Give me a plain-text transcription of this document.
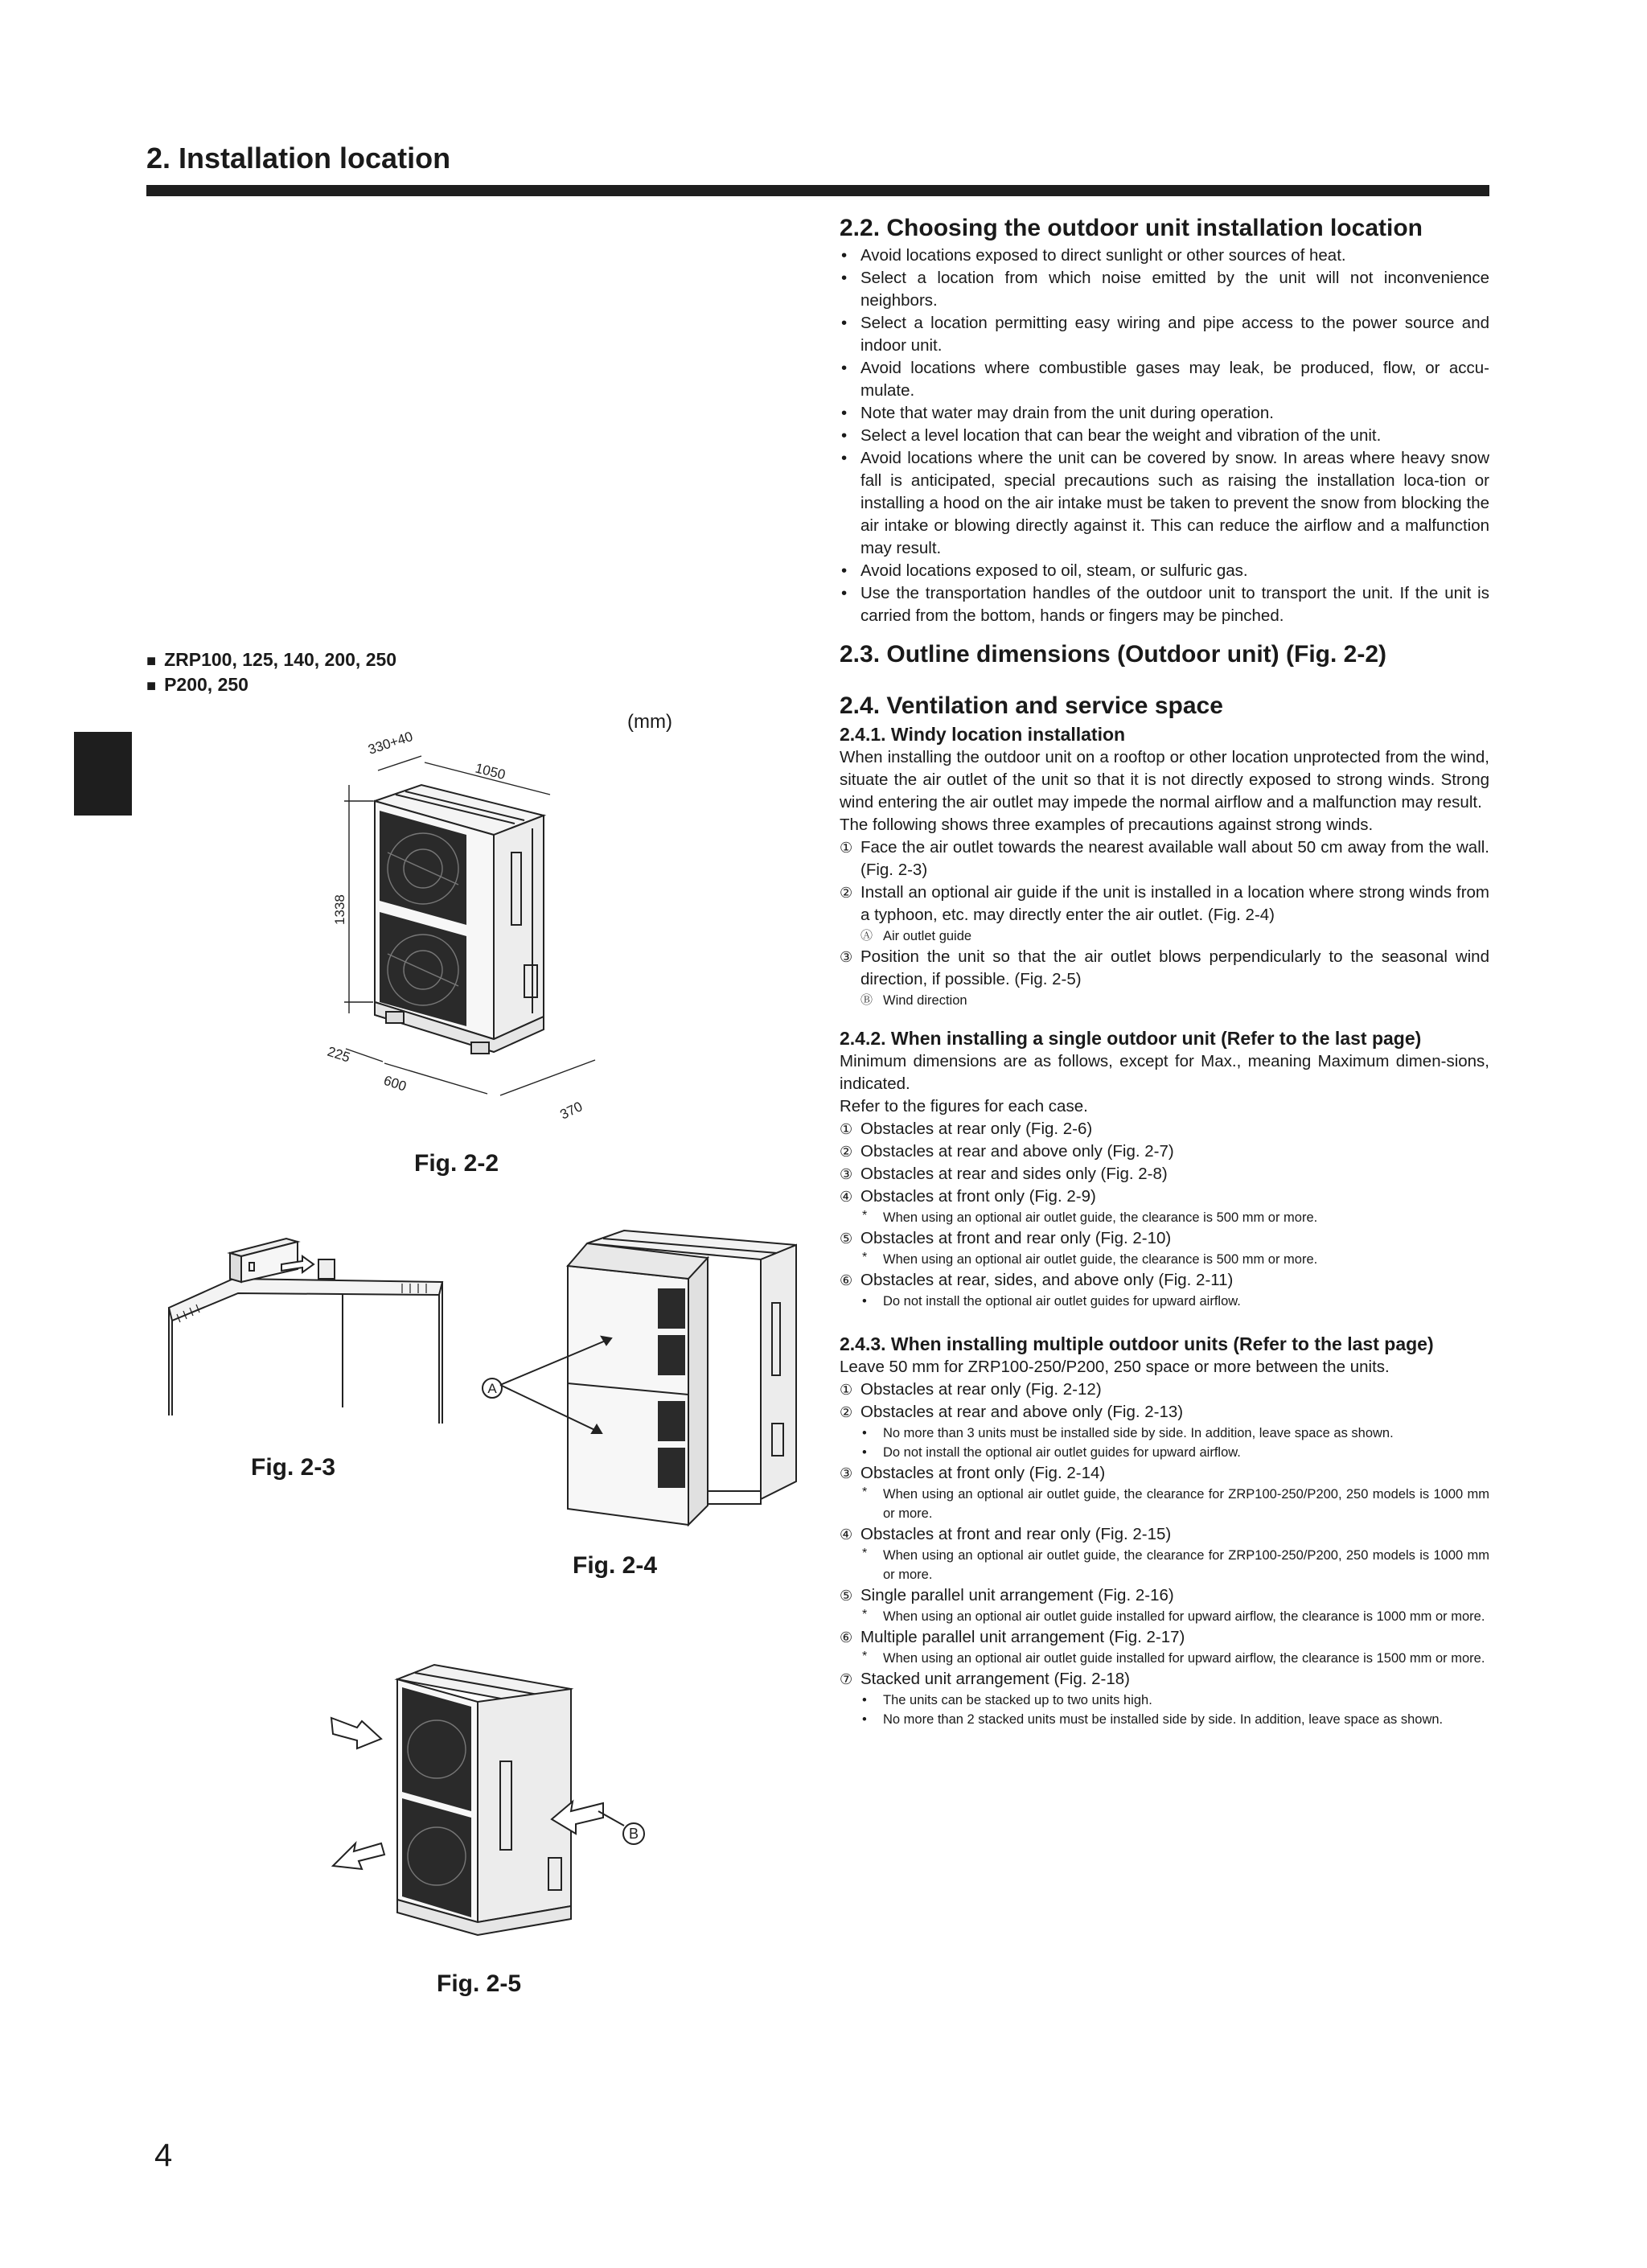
2. Installation location
■ ZRP100, 125, 140, 200, 250
■ P200, 250
(mm)
330+40
1050
1338
225
600
370
Fig. 2-2
Fig. 2-3
A
Fig. 2-4
B
Fig. 2-5
2.2. Choosing the outdoor unit installation location
• Avoid locations exposed to direct sunlight or other sources of heat.
• Select a location from which noise emitted by the unit will not inconvenience neighbors.
• Select a location permitting easy wiring and pipe access to the power source and indoor unit.
• Avoid locations where combustible gases may leak, be produced, flow, or accu-mulate.
• Note that water may drain from the unit during operation.
• Select a level location that can bear the weight and vibration of the unit.
• Avoid locations where the unit can be covered by snow. In areas where heavy snow fall is anticipated, special precautions such as raising the installation loca-tion or installing a hood on the air intake must be taken to prevent the snow from blocking the air intake or blowing directly against it. This can reduce the airflow and a malfunction may result.
• Avoid locations exposed to oil, steam, or sulfuric gas.
• Use the transportation handles of the outdoor unit to transport the unit. If the unit is carried from the bottom, hands or fingers may be pinched.
2.3. Outline dimensions (Outdoor unit) (Fig. 2-2)
2.4. Ventilation and service space
2.4.1. Windy location installation

When installing the outdoor unit on a rooftop or other location unprotected from the wind, situate the air outlet of the unit so that it is not directly exposed to strong winds. Strong wind entering the air outlet may impede the normal airflow and a malfunction may result.

The following shows three examples of precautions against strong winds.

① Face the air outlet towards the nearest available wall about 50 cm away from the wall. (Fig. 2-3)
② Install an optional air guide if the unit is installed in a location where strong winds from a typhoon, etc. may directly enter the air outlet. (Fig. 2-4)
Ⓐ Air outlet guide
③ Position the unit so that the air outlet blows perpendicularly to the seasonal wind direction, if possible. (Fig. 2-5)
Ⓑ Wind direction
2.4.2. When installing a single outdoor unit (Refer to the last page)

Minimum dimensions are as follows, except for Max., meaning Maximum dimen-sions, indicated.

Refer to the figures for each case.

① Obstacles at rear only (Fig. 2-6)
② Obstacles at rear and above only (Fig. 2-7)
③ Obstacles at rear and sides only (Fig. 2-8)
④ Obstacles at front only (Fig. 2-9)
* When using an optional air outlet guide, the clearance is 500 mm or more.
⑤ Obstacles at front and rear only (Fig. 2-10)
* When using an optional air outlet guide, the clearance is 500 mm or more.
⑥ Obstacles at rear, sides, and above only (Fig. 2-11)
• Do not install the optional air outlet guides for upward airflow.
2.4.3. When installing multiple outdoor units (Refer to the last page)

Leave 50 mm for ZRP100-250/P200, 250 space or more between the units.

① Obstacles at rear only (Fig. 2-12)
② Obstacles at rear and above only (Fig. 2-13)
• No more than 3 units must be installed side by side. In addition, leave space as shown.
• Do not install the optional air outlet guides for upward airflow.
③ Obstacles at front only (Fig. 2-14)
* When using an optional air outlet guide, the clearance for ZRP100-250/P200, 250 models is 1000 mm or more.
④ Obstacles at front and rear only (Fig. 2-15)
* When using an optional air outlet guide, the clearance for ZRP100-250/P200, 250 models is 1000 mm or more.
⑤ Single parallel unit arrangement (Fig. 2-16)
* When using an optional air outlet guide installed for upward airflow, the clearance is 1000 mm or more.
⑥ Multiple parallel unit arrangement (Fig. 2-17)
* When using an optional air outlet guide installed for upward airflow, the clearance is 1500 mm or more.
⑦ Stacked unit arrangement (Fig. 2-18)
• The units can be stacked up to two units high.
• No more than 2 stacked units must be installed side by side. In addition, leave space as shown.
4
